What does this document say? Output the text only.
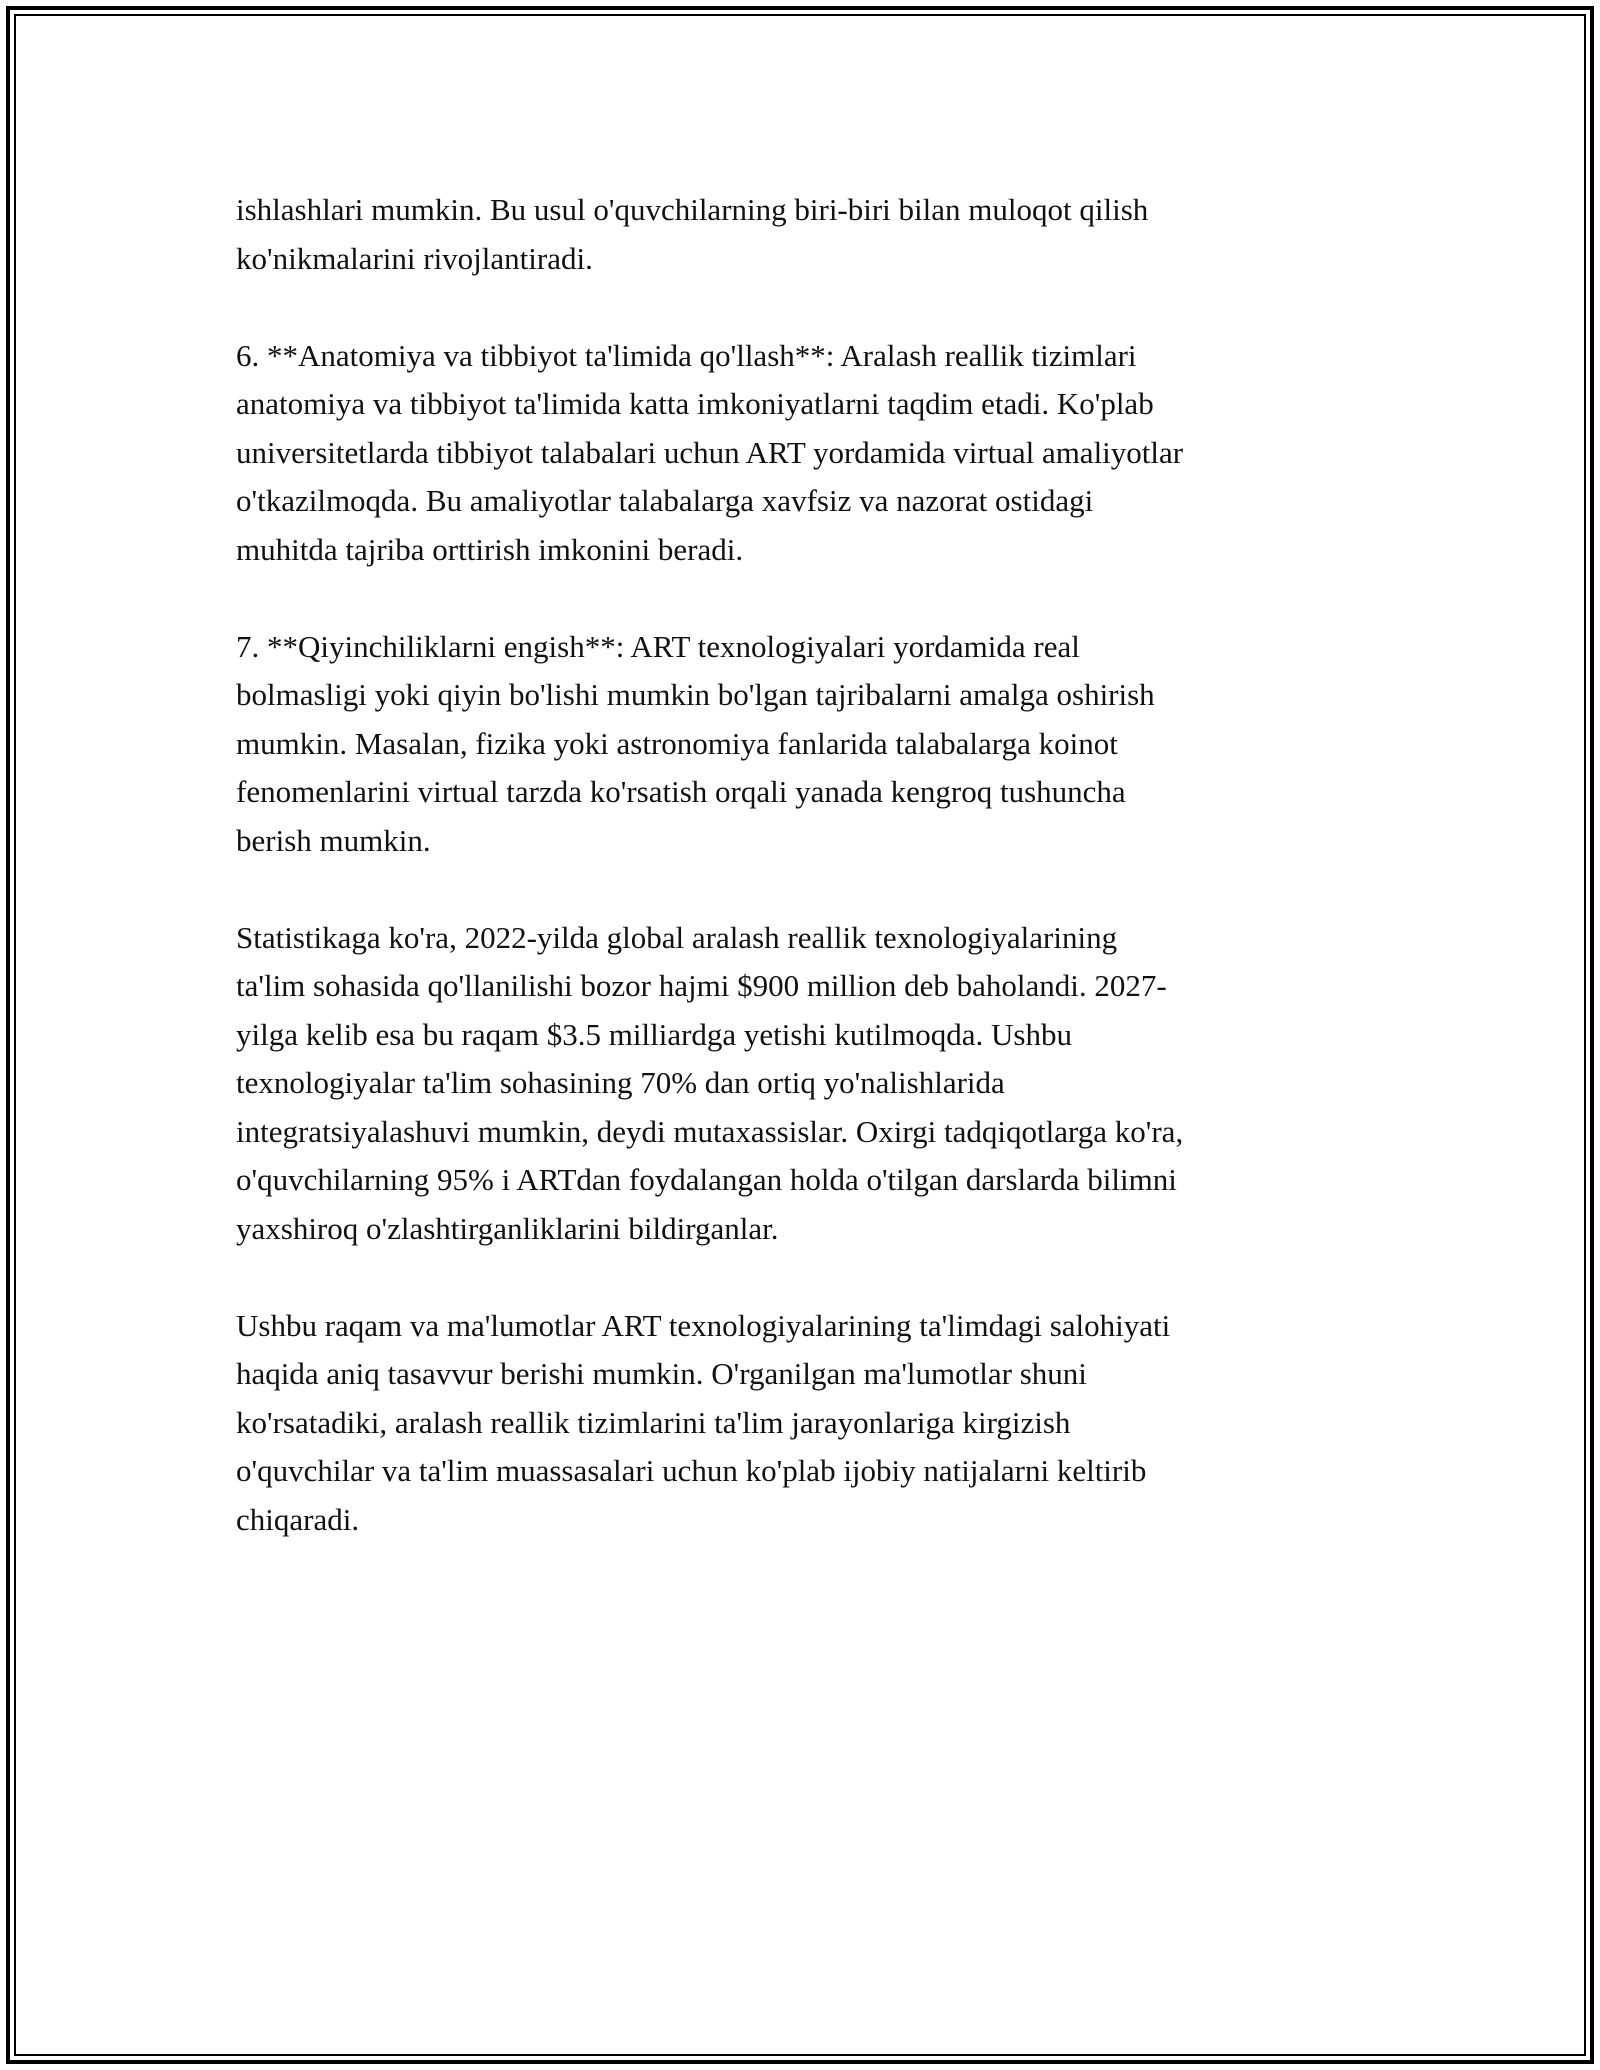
ishlashlari mumkin. Bu usul o'quvchilarning biri-biri bilan muloqot qilish
ko'nikmalarini rivojlantiradi.

6. **Anatomiya va tibbiyot ta'limida qo'llash**: Aralash reallik tizimlari
anatomiya va tibbiyot ta'limida katta imkoniyatlarni taqdim etadi. Ko'plab
universitetlarda tibbiyot talabalari uchun ART yordamida virtual amaliyotlar
o'tkazilmoqda. Bu amaliyotlar talabalarga xavfsiz va nazorat ostidagi
muhitda tajriba orttirish imkonini beradi.

7. **Qiyinchiliklarni engish**: ART texnologiyalari yordamida real
bolmasligi yoki qiyin bo'lishi mumkin bo'lgan tajribalarni amalga oshirish
mumkin. Masalan, fizika yoki astronomiya fanlarida talabalarga koinot
fenomenlarini virtual tarzda ko'rsatish orqali yanada kengroq tushuncha
berish mumkin.

Statistikaga ko'ra, 2022-yilda global aralash reallik texnologiyalarining
ta'lim sohasida qo'llanilishi bozor hajmi $900 million deb baholandi. 2027-
yilga kelib esa bu raqam $3.5 milliardga yetishi kutilmoqda. Ushbu
texnologiyalar ta'lim sohasining 70% dan ortiq yo'nalishlarida
integratsiyalashuvi mumkin, deydi mutaxassislar. Oxirgi tadqiqotlarga ko'ra,
o'quvchilarning 95% i ARTdan foydalangan holda o'tilgan darslarda bilimni
yaxshiroq o'zlashtirganliklarini bildirganlar.

Ushbu raqam va ma'lumotlar ART texnologiyalarining ta'limdagi salohiyati
haqida aniq tasavvur berishi mumkin. O'rganilgan ma'lumotlar shuni
ko'rsatadiki, aralash reallik tizimlarini ta'lim jarayonlariga kirgizish
o'quvchilar va ta'lim muassasalari uchun ko'plab ijobiy natijalarni keltirib
chiqaradi.
